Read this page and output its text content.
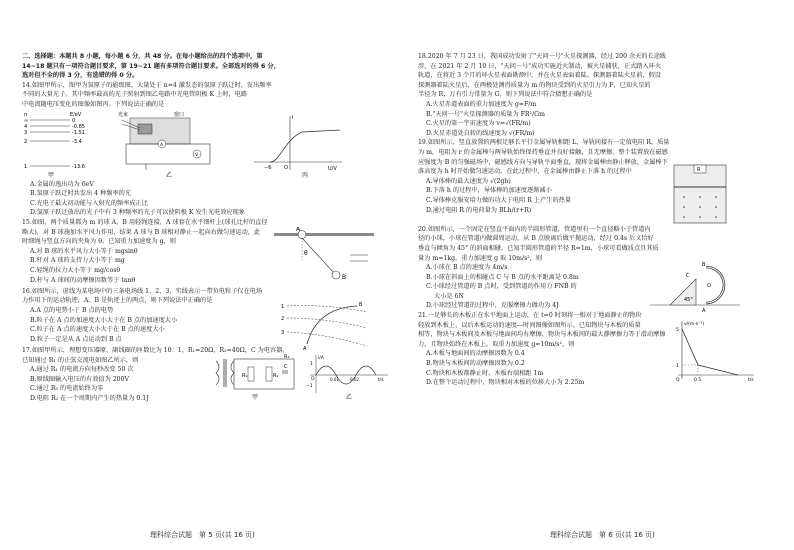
二、选择题：本题共 8 小题，每小题 6 分，共 48 分。在每小题给出的四个选项中，第

14~18 题只有一项符合题目要求，第 19~21 题有多项符合题目要求。全部选对的得 6 分，

选对但不全的得 3 分，有选错的得 0 分。

14.如图甲所示，图甲为氢原子的能级图，大量处于 n=4 激发态的氢原子跃迁时，发出频率

不同的大量光子。其中频率最高的光子照射到图乙电路中光电管阴极 K 上时，电路

中电流随电压变化的图像如图丙。下列说法正确的是

n	E/eV
∞	0
4	-0.85
3	-1.51
2	-3.4
1	-13.6
甲
光束	窗口
A
V
乙
I
U/V
O
−6
丙

A.金属的逸出功为 6eV

B.氢原子跃迁时共发出 4 种频率的光

C.光电子最大初动能与入射光的频率成正比

D.氢原子跃迁放出的光子中有 3 种频率的光子可以使阴极 K 发生光电效应现象

15.如图，两个质量都为 m 的球 A、B 用轻绳连接，A 球套在水平细杆上(球孔比杆的直径

略大)，对 B 球施加水平风力作用，结果 A 球与 B 球相对静止一起向右做匀速运动，此

时细绳与竖直方向的夹角为 θ。已知重力加速度为 g，则

A.对 B 球的水平风力大小等于 mgsinθ

B.杆对 A 球的支持力大小等于 mg

C.轻绳的拉力大小等于 mg/cosθ

D.杆与 A 球间的动摩擦因数等于 tanθ

A
θ
B

16.如图所示，虚线为某电场中的三条电场线 1、2、3，实线表示一带负电粒子仅在电场

力作用下的运动轨迹，A、B 是轨迹上的两点，则下列说法中正确的是

A.A 点的电势小于 B 点的电势

B.粒子在 A 点的加速度大小大于在 B 点的加速度大小

C.粒子在 A 点的速度大小大于在 B 点的速度大小

D.粒子一定是从 A 点运动到 B 点

1
2
3
A
B

17.如图甲所示，理想变压器原、副线圈的匝数比为 10：1，R₁=20Ω，R₂=40Ω，C 为电容器，

已知通过 R₁ 的正弦交流电如图乙所示，则

A.通过 R₁ 的电流方向每秒改变 50 次

B.原线圈输入电压的有效值为 200V

C.通过 R₃ 的电流始终为零

D.电阻 R₂ 在一个周期内产生的热量为 0.1J

R₁	R₂
C
R₃
甲
i/A
1
−1
O	0.01	0.02	t/s
乙

18.2020 年 7 月 23 日，我国成功发射了"天问一号"火星探测器，经过 200 余天的长途跋

涉，在 2021 年 2 月 10 日，"天问一号"成功实施近火制动，被火星捕获，正式踏入环火

轨道，在将近 3 个月的环火星表面勘测中，并在火星表面着陆。探测器着陆火星前，假设

探测器着陆火星后，在两极处测得质量为 m 的物块受到的火星引力为 F，已知火星的

半径为 R，万有引力常量为 G，则下列说法中符合猜想正确的是

A.火星赤道表面的重力加速度为 g=F/m

B."天问一号"火星探测器的质量为 FR²/Gm

C.火星的第一宇宙速度为 v=√(FR/m)

D.火星赤道处自转的线速度为 √(FR/m)

19.如图所示，竖直放置的两根足够长平行金属导轨相距 L，导轨间接有一定值电阻 R，质量

为 m，电阻为 r 的金属棒与两导轨始终保持垂直并良好接触，且无摩擦，整个装置放在磁感

应强度为 B 的匀强磁场中，磁感线方向与导轨平面垂直，现将金属棒由静止释放，金属棒下

落高度为 h 时开始做匀速运动，在此过程中，在金属棒由静止下落 h 的过程中

A.导体棒的最大速度为 √(2gh)

B.下落 h 的过程中，导体棒的加速度逐渐减小

C.导体棒克服安培力做的功大于电阻 R 上产生的热量

D.通过电阻 R 的电荷量为 BLh/(r+R)

R

20.如图所示，一个固定在竖直平面内的半圆形管道，管道里有一个直径略小于管道内

径的小球，小球在管道内做圆周运动，从 B 点脱离后做平抛运动，经过 0.4s 后又恰好

垂直与倾角为 45° 的斜面相碰。已知半圆形管道的半径 R=1m，小球可看做质点且其质

量为 m=1kg，重力加速度 g 取 10m/s²，则

A.小球在 B 点的速度为 4m/s

B.小球在斜面上的相碰点 C 与 B 点的水平距离是 0.8m

C.小球经过管道的 B 点时，受到管道的作用力 FNB 的

大小是 6N

D.小球经过管道的过程中，克服摩擦力做功为 4J

45°
B
A
O
C

21.一足够长的木板正在水平地面上运动，在 t=0 时刻将一相对于地面静止的物块

轻放到木板上，以后木板运动的速度—时间图像如图所示。已知物块与木板的质量

相等，物块与木板间及木板与地面间均有摩擦，物块与木板间的最大静摩擦力等于滑动摩擦

力，且物块始终在木板上。取重力加速度 g=10m/s²，则

A.木板与地面间的动摩擦因数为 0.4

B.物块与木板间的动摩擦因数为 0.2

C.物块和木板都静止时，木板右端相距 1m

D.在整个运动过程中，物块相对木板的位移大小为 2.25m

v/(m·s⁻¹)
5
1
0.5
O	t/s
理科综合试题　第 5 页(共 16 页)	理科综合试题　第 6 页(共 16 页)
